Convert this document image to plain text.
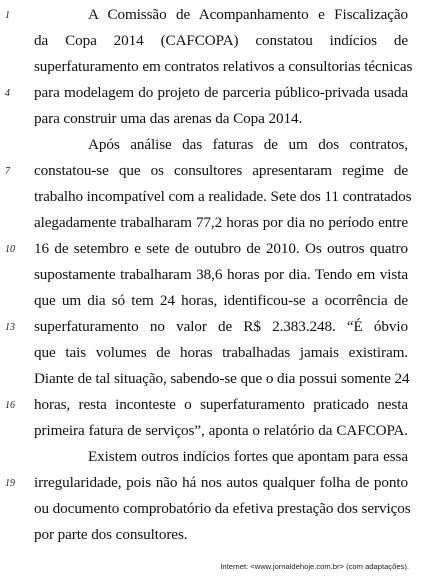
1	A Comissão de Acompanhamento e Fiscalização
da Copa 2014 (CAFCOPA) constatou indícios de
superfaturamento em contratos relativos a consultorias técnicas
4	para modelagem do projeto de parceria público-privada usada
para construir uma das arenas da Copa 2014.
Após análise das faturas de um dos contratos,
7	constatou-se que os consultores apresentaram regime de
trabalho incompatível com a realidade. Sete dos 11 contratados
alegadamente trabalharam 77,2 horas por dia no período entre
10	16 de setembro e sete de outubro de 2010. Os outros quatro
supostamente trabalharam 38,6 horas por dia. Tendo em vista
que um dia só tem 24 horas, identificou-se a ocorrência de
13	superfaturamento no valor de R$ 2.383.248. “É óbvio
que tais volumes de horas trabalhadas jamais existiram.
Diante de tal situação, sabendo-se que o dia possui somente 24
16	horas, resta inconteste o superfaturamento praticado nesta
primeira fatura de serviços”, aponta o relatório da CAFCOPA.
Existem outros indícios fortes que apontam para essa
19	irregularidade, pois não há nos autos qualquer folha de ponto
ou documento comprobatório da efetiva prestação dos serviços
por parte dos consultores.
Internet: <www.jornaldehoje.com.br> (com adaptações).
